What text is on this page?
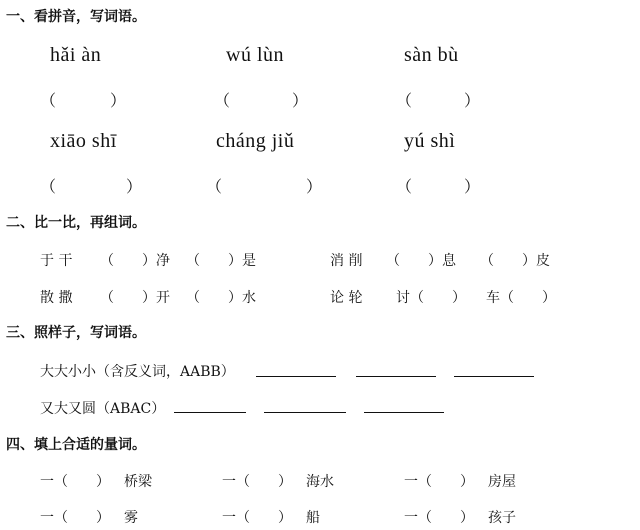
一、看拼音，写词语。
hǎi àn	wú lùn	sàn bù
（	）	（	）	（	）
xiāo shī	cháng jiǔ	yú shì
（	）	（	）	（	）
二、比一比，再组词。
于 干 （　　）净 （　　）是	消 削 （　　）息 （　　）皮
散 撒 （　　）开 （　　）水	论 轮 讨（　　） 车（　　）
三、照样子，写词语。
大大小小（含反义词，AABB）
又大又圆（ABAC）
四、填上合适的量词。
一（　　） 桥梁	一（　　） 海水	一（　　） 房屋
一（　　） 雾	一（　　） 船	一（　　） 孩子
